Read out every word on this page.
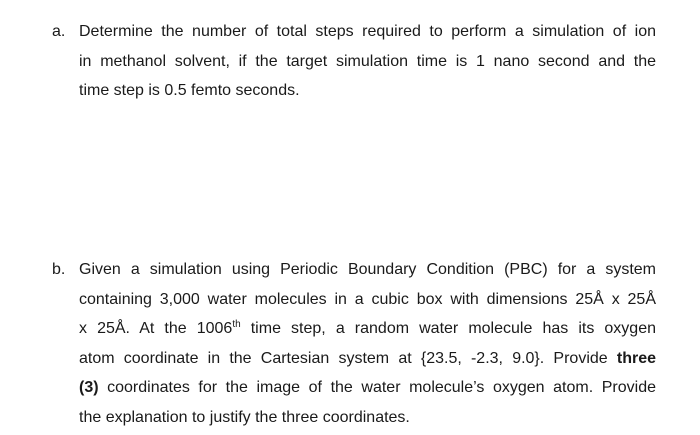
a. Determine the number of total steps required to perform a simulation of ion
in methanol solvent, if the target simulation time is 1 nano second and the
time step is 0.5 femto seconds.
b. Given a simulation using Periodic Boundary Condition (PBC) for a system
containing 3,000 water molecules in a cubic box with dimensions 25Å x 25Å
x 25Å. At the 1006th time step, a random water molecule has its oxygen
atom coordinate in the Cartesian system at {23.5, -2.3, 9.0}. Provide three
(3) coordinates for the image of the water molecule’s oxygen atom. Provide
the explanation to justify the three coordinates.
